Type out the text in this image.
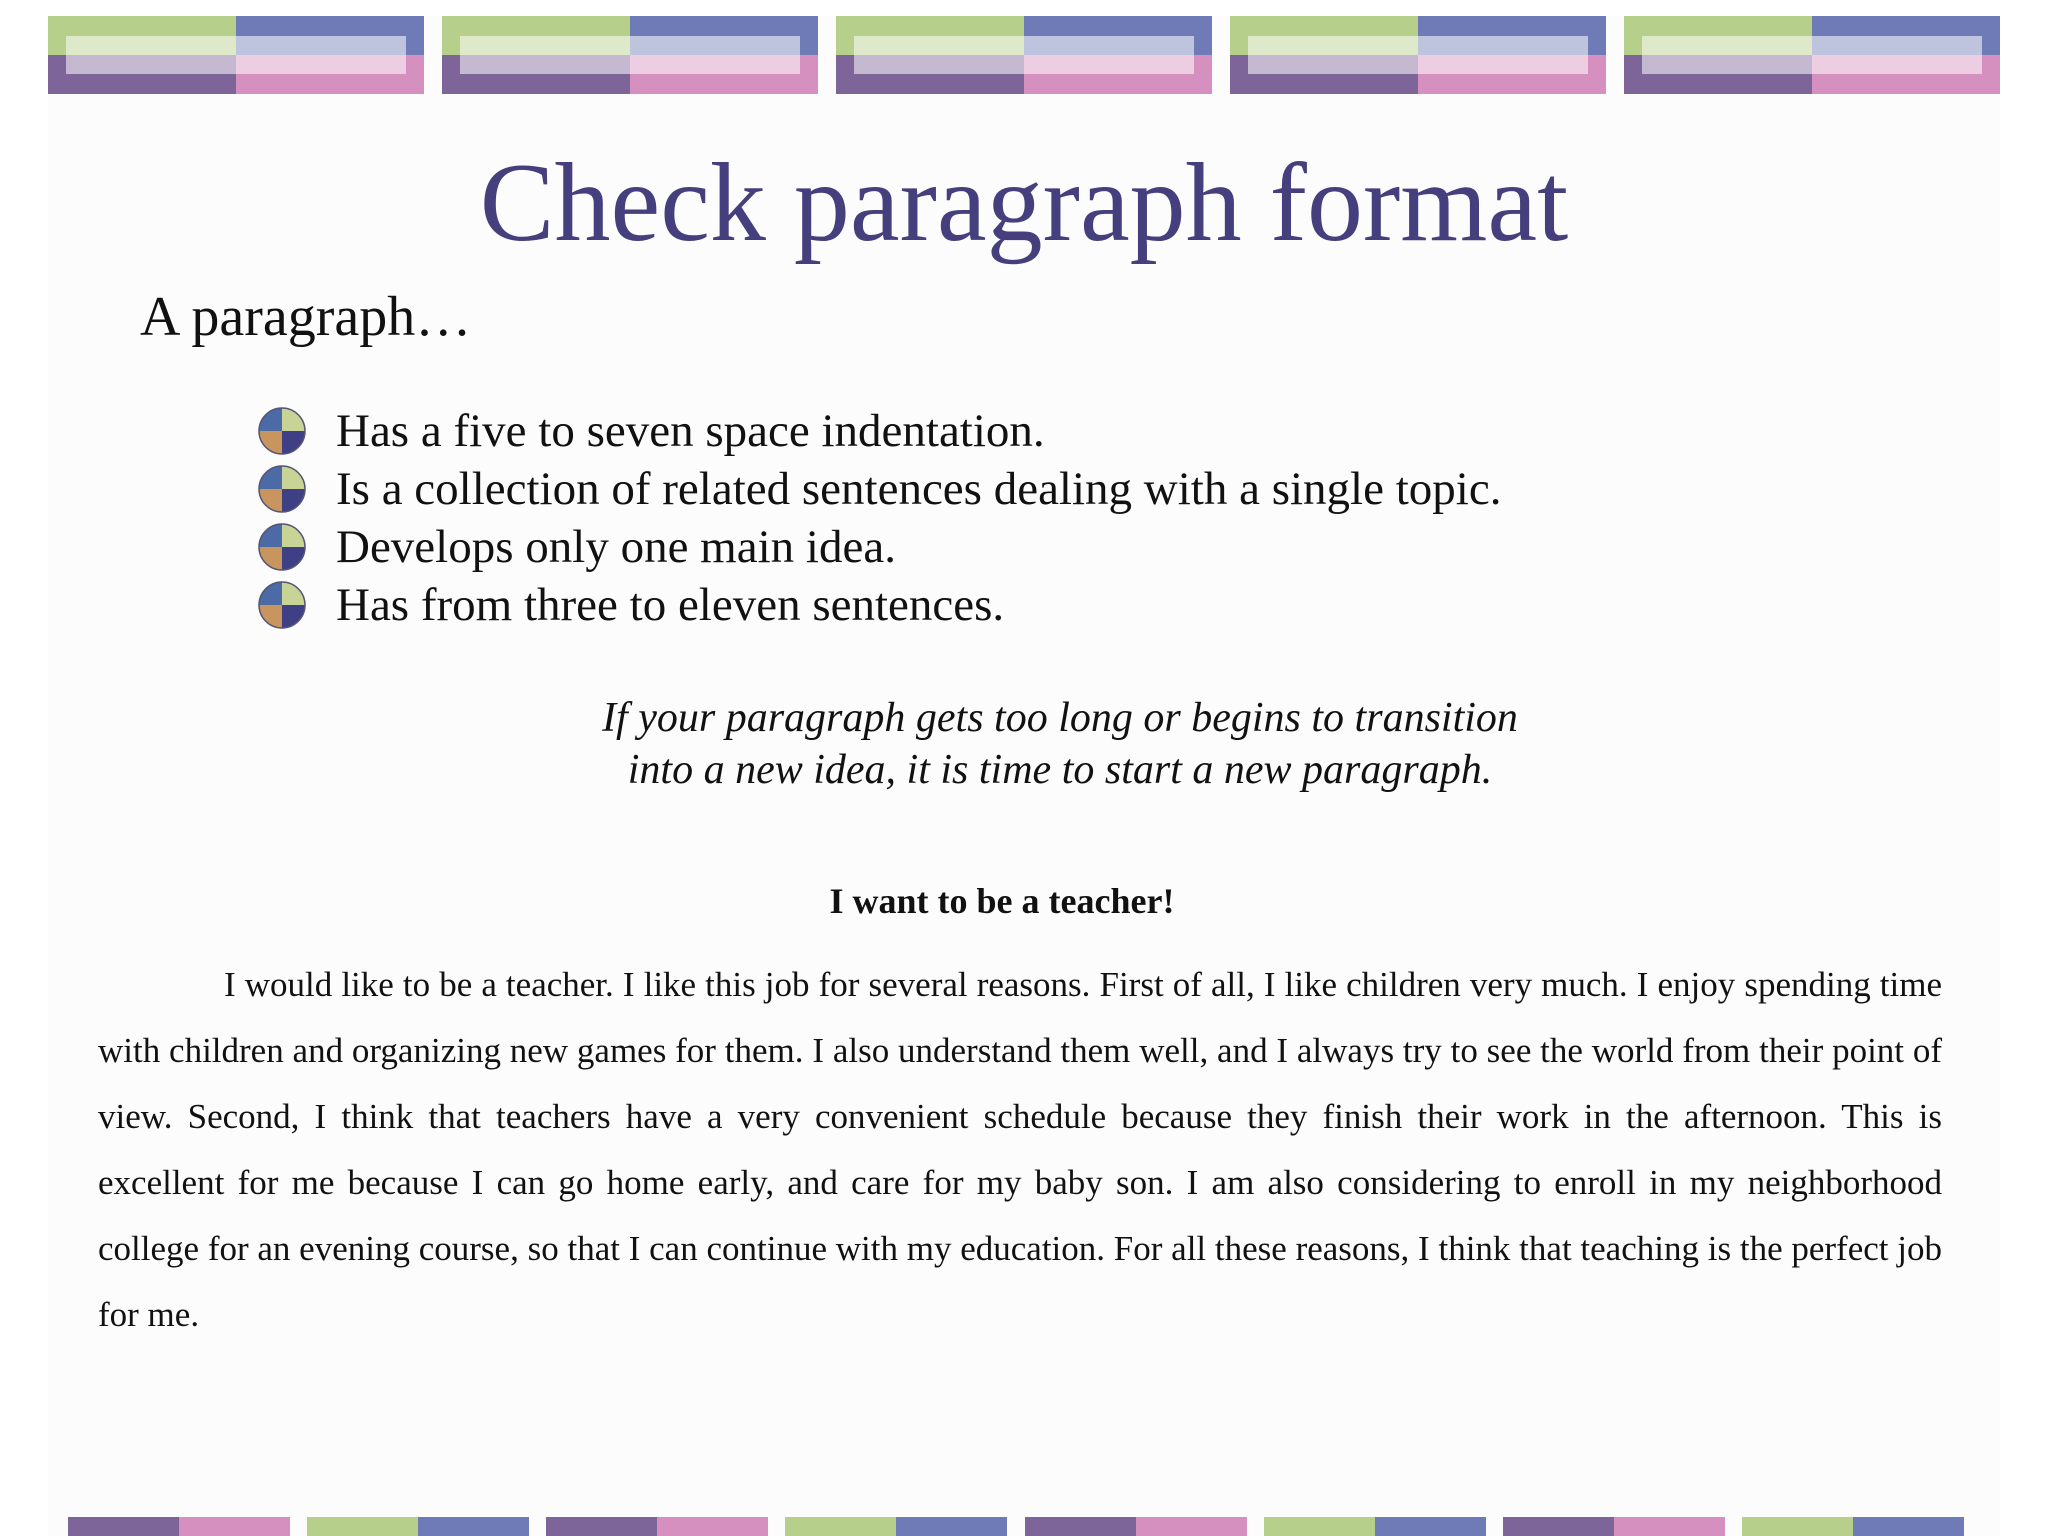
Check paragraph format

A paragraph…

Has a five to seven space indentation.
Is a collection of related sentences dealing with a single topic.
Develops only one main idea.
Has from three to eleven sentences.

If your paragraph gets too long or begins to transition
into a new idea, it is time to start a new paragraph.

I want to be a teacher!

I would like to be a teacher. I like this job for several reasons. First of all, I like children very much. I enjoy spending time with children and organizing new games for them. I also understand them well, and I always try to see the world from their point of view. Second, I think that teachers have a very convenient schedule because they finish their work in the afternoon. This is excellent for me because I can go home early, and care for my baby son. I am also considering to enroll in my neighborhood college for an evening course, so that I can continue with my education. For all these reasons, I think that teaching is the perfect job for me.
